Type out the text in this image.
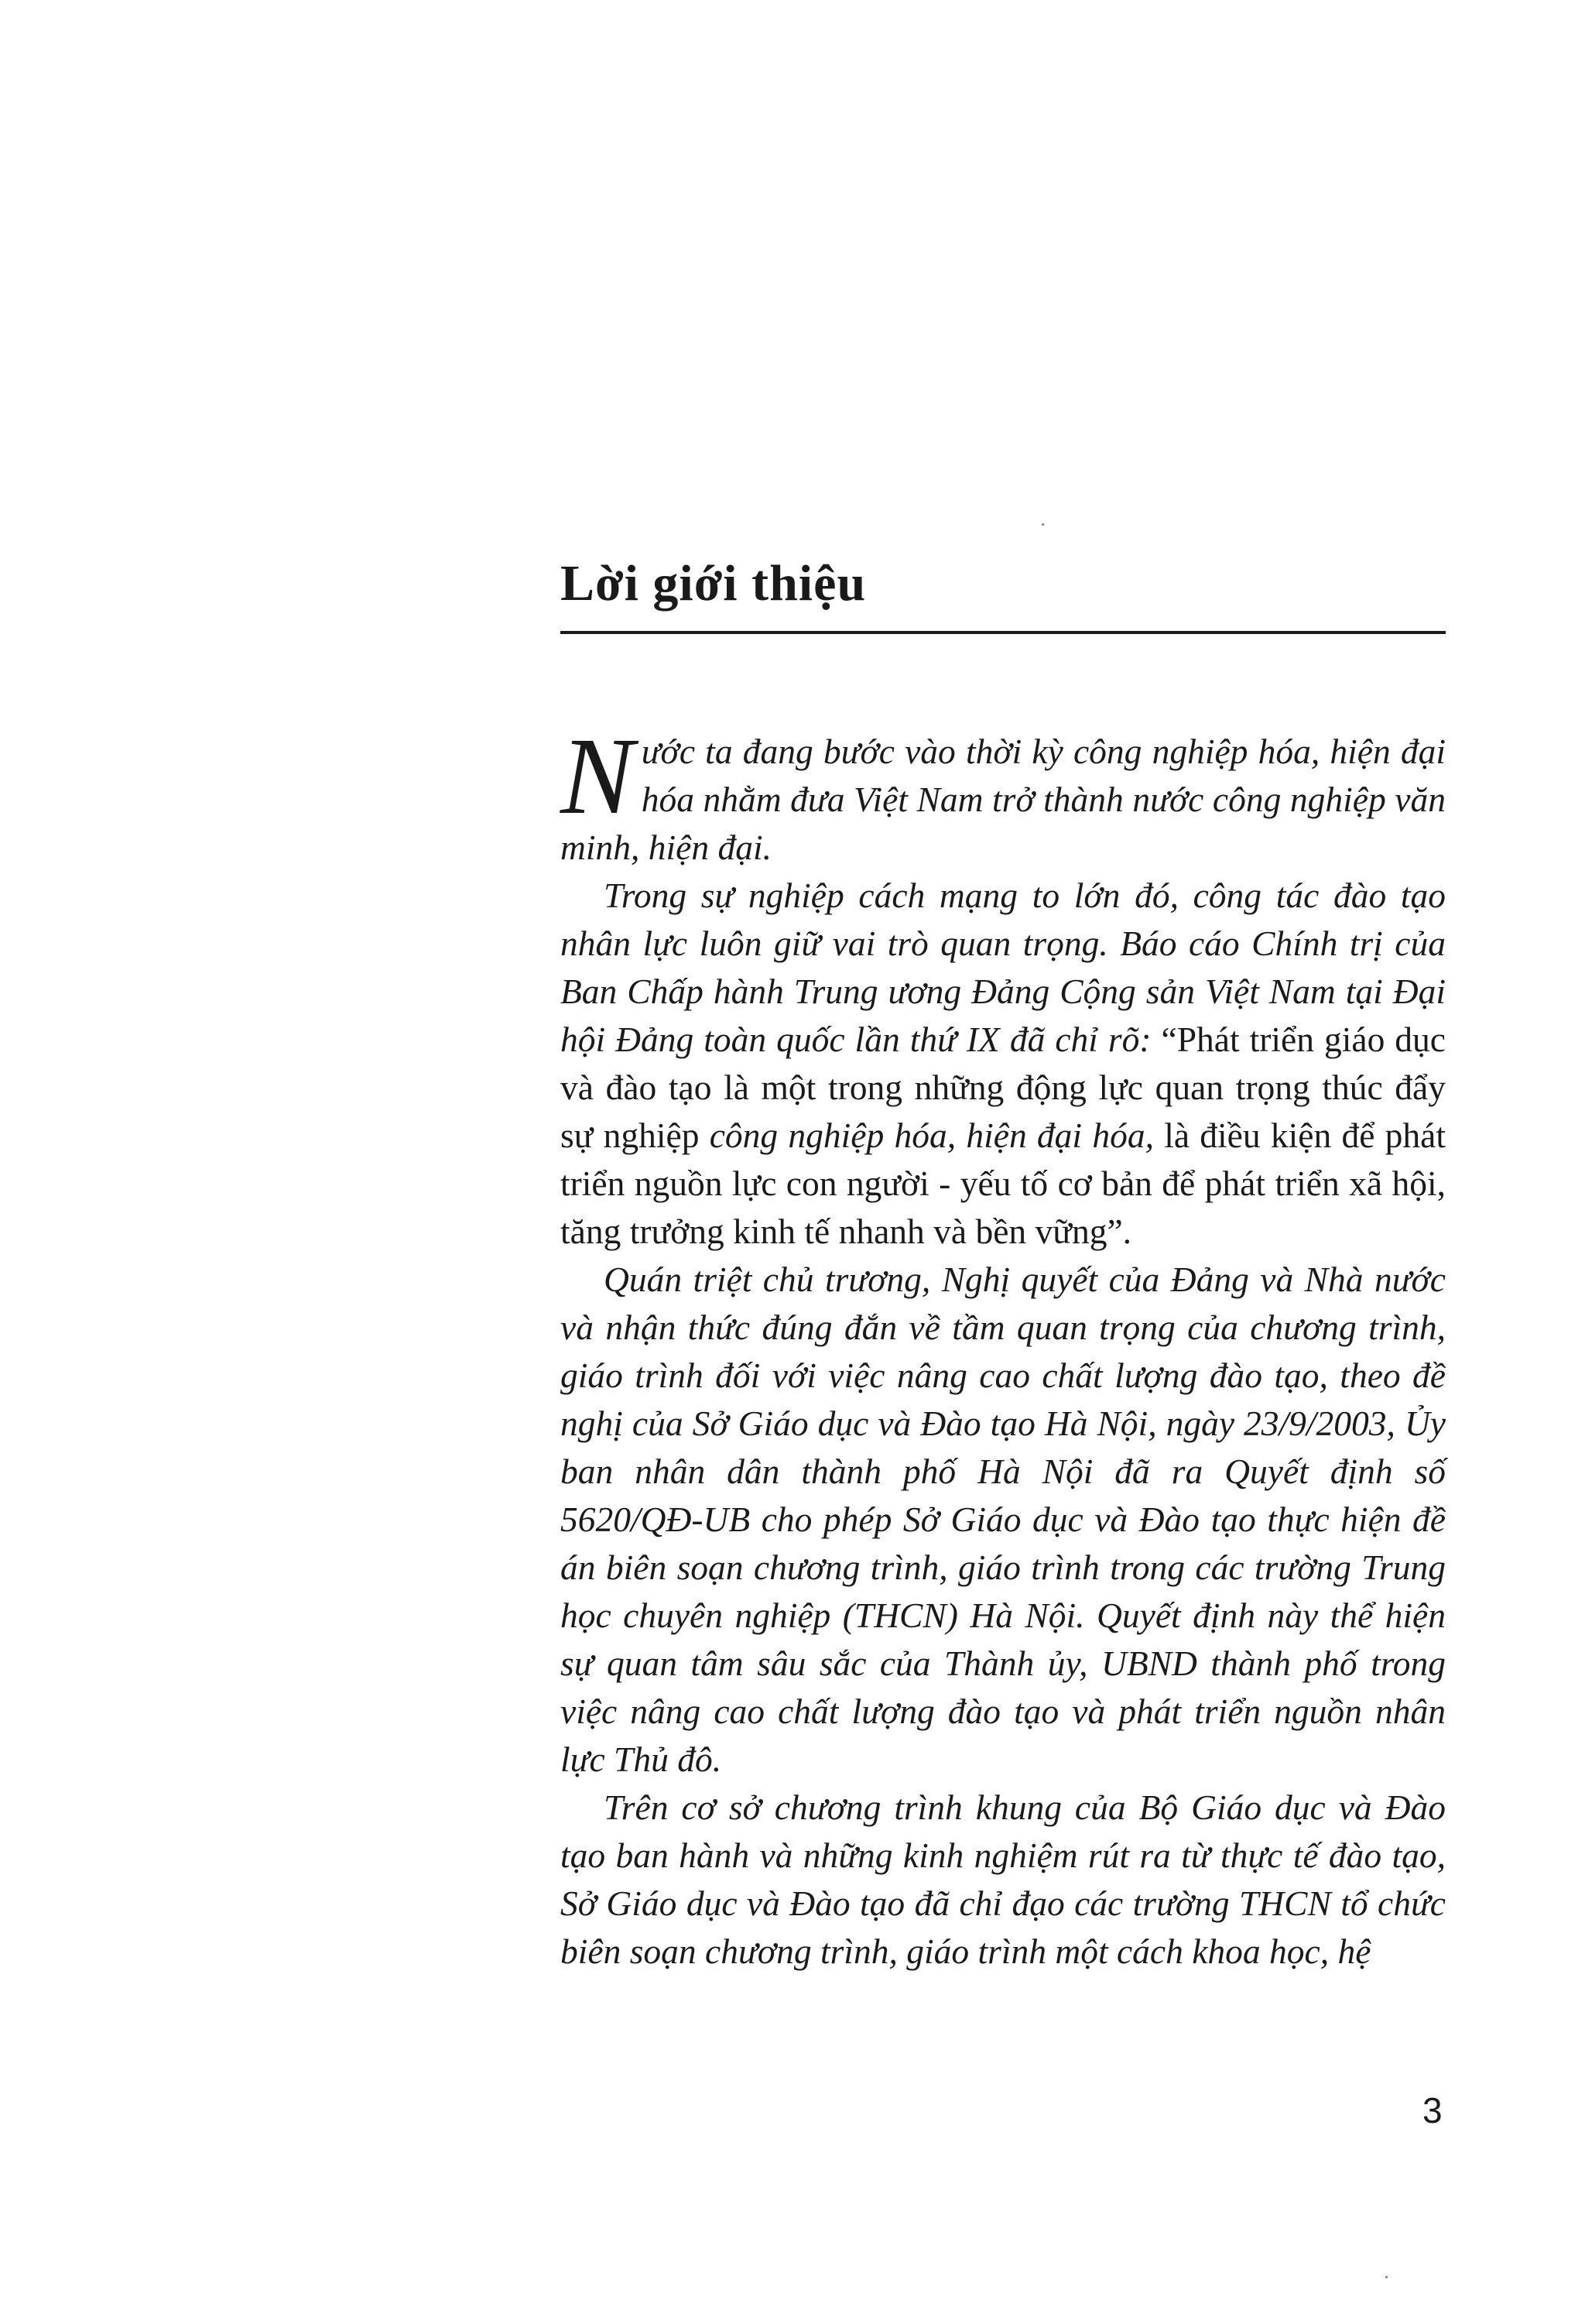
Lời giới thiệu

Nước ta đang bước vào thời kỳ công nghiệp hóa, hiện đại hóa nhằm đưa Việt Nam trở thành nước công nghiệp văn minh, hiện đại.

Trong sự nghiệp cách mạng to lớn đó, công tác đào tạo nhân lực luôn giữ vai trò quan trọng. Báo cáo Chính trị của Ban Chấp hành Trung ương Đảng Cộng sản Việt Nam tại Đại hội Đảng toàn quốc lần thứ IX đã chỉ rõ: “Phát triển giáo dục và đào tạo là một trong những động lực quan trọng thúc đẩy sự nghiệp công nghiệp hóa, hiện đại hóa, là điều kiện để phát triển nguồn lực con người - yếu tố cơ bản để phát triển xã hội, tăng trưởng kinh tế nhanh và bền vững”.

Quán triệt chủ trương, Nghị quyết của Đảng và Nhà nước và nhận thức đúng đắn về tầm quan trọng của chương trình, giáo trình đối với việc nâng cao chất lượng đào tạo, theo đề nghị của Sở Giáo dục và Đào tạo Hà Nội, ngày 23/9/2003, Ủy ban nhân dân thành phố Hà Nội đã ra Quyết định số 5620/QĐ-UB cho phép Sở Giáo dục và Đào tạo thực hiện đề án biên soạn chương trình, giáo trình trong các trường Trung học chuyên nghiệp (THCN) Hà Nội. Quyết định này thể hiện sự quan tâm sâu sắc của Thành ủy, UBND thành phố trong việc nâng cao chất lượng đào tạo và phát triển nguồn nhân lực Thủ đô.

Trên cơ sở chương trình khung của Bộ Giáo dục và Đào tạo ban hành và những kinh nghiệm rút ra từ thực tế đào tạo, Sở Giáo dục và Đào tạo đã chỉ đạo các trường THCN tổ chức biên soạn chương trình, giáo trình một cách khoa học, hệ

3
